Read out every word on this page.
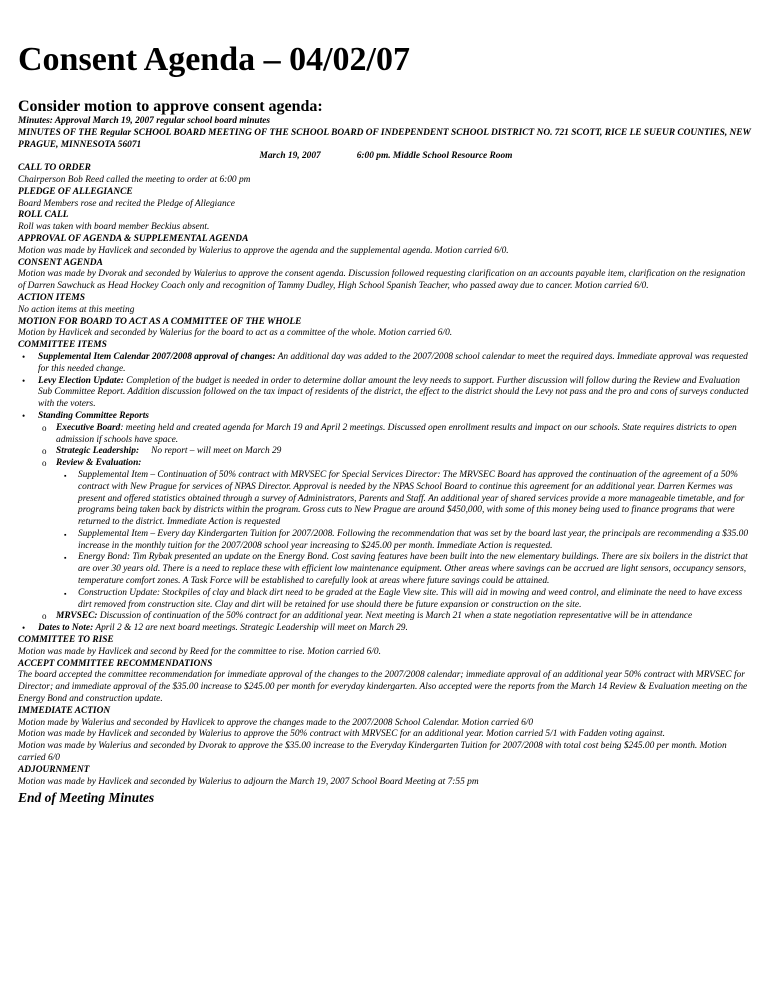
Consent Agenda – 04/02/07
Consider motion to approve consent agenda:

Minutes: Approval March 19, 2007 regular school board minutes

MINUTES OF THE Regular SCHOOL BOARD MEETING OF THE SCHOOL BOARD OF INDEPENDENT SCHOOL DISTRICT NO. 721 SCOTT, RICE LE SUEUR COUNTIES, NEW PRAGUE, MINNESOTA 56071

March 19, 2007	6:00 pm. Middle School Resource Room

CALL TO ORDER

Chairperson Bob Reed called the meeting to order at 6:00 pm

PLEDGE OF ALLEGIANCE

Board Members rose and recited the Pledge of Allegiance

ROLL CALL

Roll was taken with board member Beckius absent.

APPROVAL OF AGENDA & SUPPLEMENTAL AGENDA

Motion was made by Havlicek and seconded by Walerius to approve the agenda and the supplemental agenda. Motion carried 6/0.

CONSENT AGENDA

Motion was made by Dvorak and seconded by Walerius to approve the consent agenda. Discussion followed requesting clarification on an accounts payable item, clarification on the resignation of Darren Sawchuck as Head Hockey Coach only and recognition of Tammy Dudley, High School Spanish Teacher, who passed away due to cancer. Motion carried 6/0.

ACTION ITEMS

No action items at this meeting

MOTION FOR BOARD TO ACT AS A COMMITTEE OF THE WHOLE

Motion by Havlicek and seconded by Walerius for the board to act as a committee of the whole. Motion carried 6/0.

COMMITTEE ITEMS

• Supplemental Item Calendar 2007/2008 approval of changes: An additional day was added to the 2007/2008 school calendar to meet the required days. Immediate approval was requested for this needed change.
• Levy Election Update: Completion of the budget is needed in order to determine dollar amount the levy needs to support. Further discussion will follow during the Review and Evaluation Sub Committee Report. Addition discussion followed on the tax impact of residents of the district, the effect to the district should the Levy not pass and the pro and cons of surveys conducted with the voters.
• Standing Committee Reports
o Executive Board: meeting held and created agenda for March 19 and April 2 meetings. Discussed open enrollment results and impact on our schools. State requires districts to open admission if schools have space.
o Strategic Leadership: No report – will meet on March 29
o Review & Evaluation:
▪ Supplemental Item – Continuation of 50% contract with MRVSEC for Special Services Director: The MRVSEC Board has approved the continuation of the agreement of a 50% contract with New Prague for services of NPAS Director. Approval is needed by the NPAS School Board to continue this agreement for an additional year. Darren Kermes was present and offered statistics obtained through a survey of Administrators, Parents and Staff. An additional year of shared services provide a more manageable timetable, and for programs being taken back by districts within the program. Gross cuts to New Prague are around $450,000, with some of this money being used to finance programs that were returned to the district. Immediate Action is requested
▪ Supplemental Item – Every day Kindergarten Tuition for 2007/2008. Following the recommendation that was set by the board last year, the principals are recommending a $35.00 increase in the monthly tuition for the 2007/2008 school year increasing to $245.00 per month. Immediate Action is requested.
▪ Energy Bond: Tim Rybak presented an update on the Energy Bond. Cost saving features have been built into the new elementary buildings. There are six boilers in the district that are over 30 years old. There is a need to replace these with efficient low maintenance equipment. Other areas where savings can be accrued are light sensors, occupancy sensors, temperature comfort zones. A Task Force will be established to carefully look at areas where future savings could be attained.
▪ Construction Update: Stockpiles of clay and black dirt need to be graded at the Eagle View site. This will aid in mowing and weed control, and eliminate the need to have excess dirt removed from construction site. Clay and dirt will be retained for use should there be future expansion or construction on the site.
o MRVSEC: Discussion of continuation of the 50% contract for an additional year. Next meeting is March 21 when a state negotiation representative will be in attendance
• Dates to Note: April 2 & 12 are next board meetings. Strategic Leadership will meet on March 29.

COMMITTEE TO RISE

Motion was made by Havlicek and second by Reed for the committee to rise. Motion carried 6/0.

ACCEPT COMMITTEE RECOMMENDATIONS

The board accepted the committee recommendation for immediate approval of the changes to the 2007/2008 calendar; immediate approval of an additional year 50% contract with MRVSEC for Director; and immediate approval of the $35.00 increase to $245.00 per month for everyday kindergarten. Also accepted were the reports from the March 14 Review & Evaluation meeting on the Energy Bond and construction update.

IMMEDIATE ACTION

Motion made by Walerius and seconded by Havlicek to approve the changes made to the 2007/2008 School Calendar. Motion carried 6/0

Motion was made by Havlicek and seconded by Walerius to approve the 50% contract with MRVSEC for an additional year. Motion carried 5/1 with Fadden voting against.

Motion was made by Walerius and seconded by Dvorak to approve the $35.00 increase to the Everyday Kindergarten Tuition for 2007/2008 with total cost being $245.00 per month. Motion carried 6/0

ADJOURNMENT

Motion was made by Havlicek and seconded by Walerius to adjourn the March 19, 2007 School Board Meeting at 7:55 pm

End of Meeting Minutes
